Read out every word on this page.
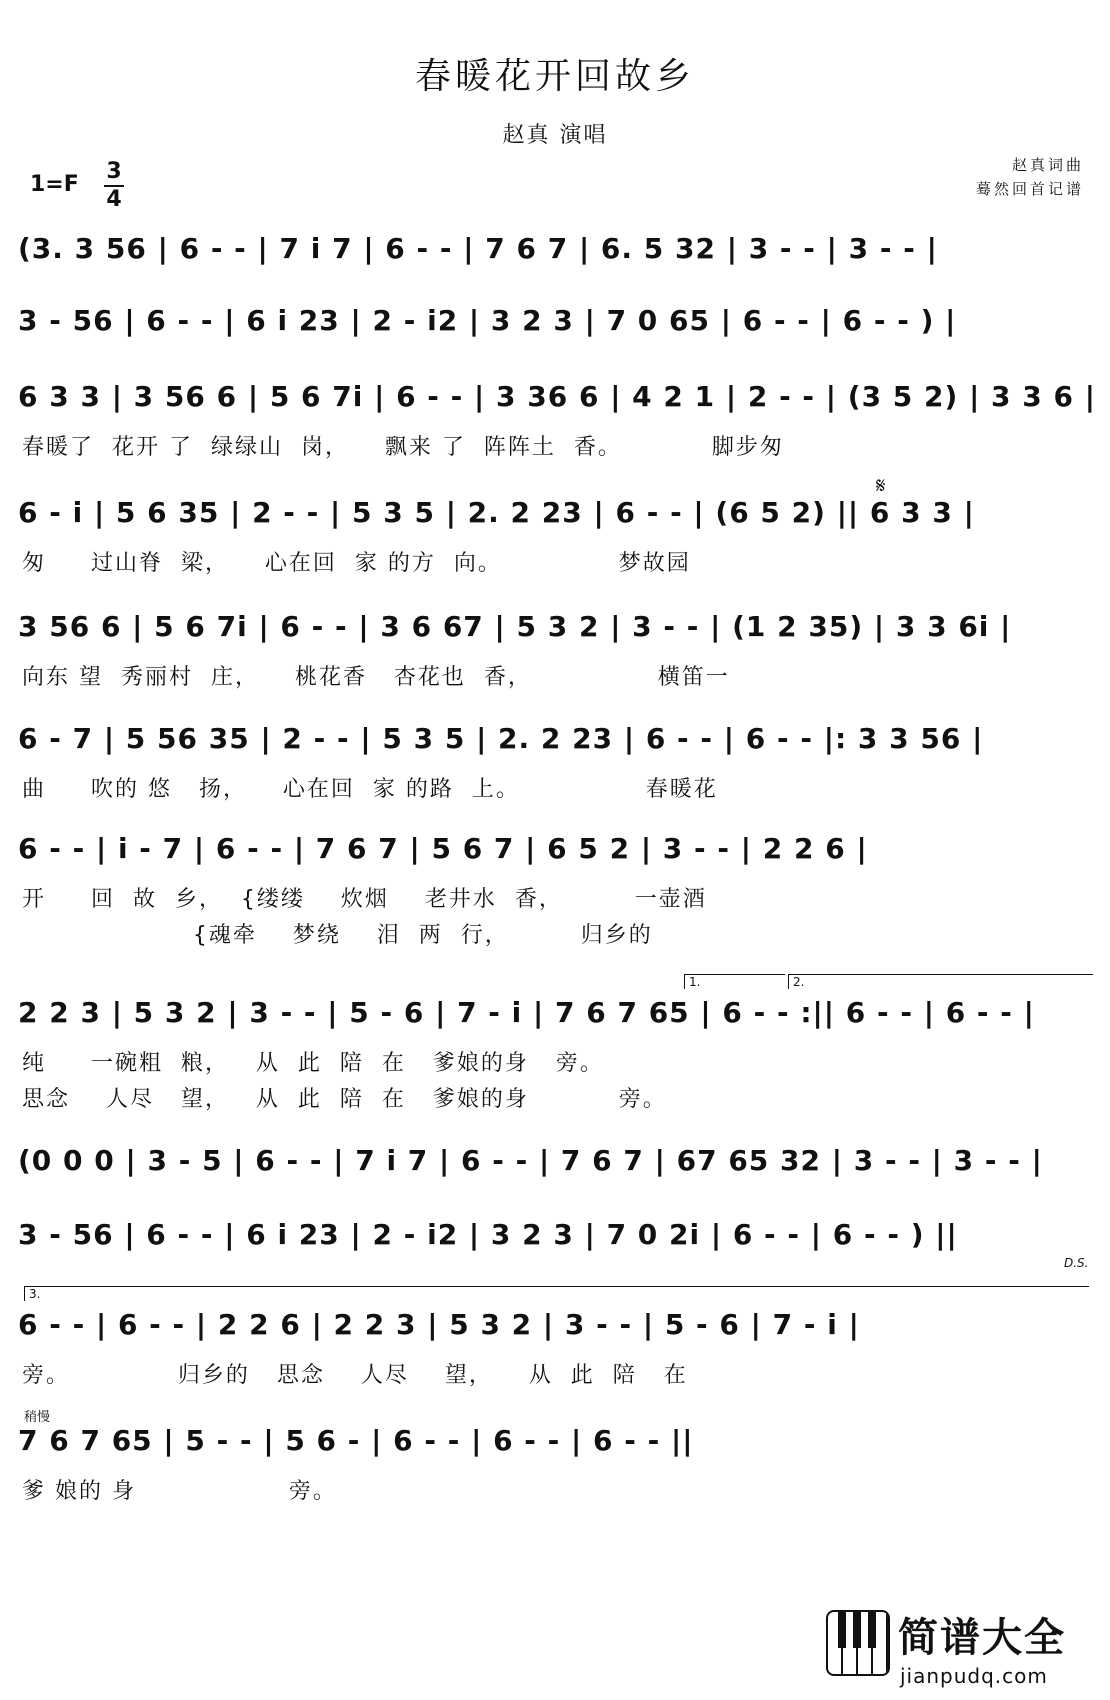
春暖花开回故乡
赵真 演唱
1=F
3
4
赵真词曲
蓦然回首记谱
(3. 3 56 | 6 - - | 7 i 7 | 6 - - | 7 6 7 | 6. 5 32 | 3 - - | 3 - - |
3 - 56 | 6 - - | 6 i 23 | 2 - i2 | 3 2 3 | 7 0 65 | 6 - - | 6 - - ) |
6 3 3 | 3 56 6 | 5 6 7i | 6 - - | 3 36 6 | 4 2 1 | 2 - - | (3 5 2) | 3 3 6 |
春暖了  花开 了  绿绿山  岗，    飘来 了  阵阵土  香。          脚步匆
𝄋
6 - i | 5 6 35 | 2 - - | 5 3 5 | 2. 2 23 | 6 - - | (6 5 2) || 6 3 3 |
匆     过山脊  梁，    心在回  家 的方  向。             梦故园
3 56 6 | 5 6 7i | 6 - - | 3 6 67 | 5 3 2 | 3 - - | (1 2 35) | 3 3 6i |
向东 望  秀丽村  庄，    桃花香   杏花也  香，              横笛一
6 - 7 | 5 56 35 | 2 - - | 5 3 5 | 2. 2 23 | 6 - - | 6 - - |: 3 3 56 |
曲     吹的 悠   扬，    心在回  家 的路  上。              春暖花
6 - - | i - 7 | 6 - - | 7 6 7 | 5 6 7 | 6 5 2 | 3 - - | 2 2 6 |
开     回  故  乡，  {缕缕    炊烟    老井水  香，        一壶酒
{魂牵    梦绕    泪  两  行，        归乡的
1.	2.
2 2 3 | 5 3 2 | 3 - - | 5 - 6 | 7 - i | 7 6 7 65 | 6 - - :|| 6 - - | 6 - - |
纯     一碗粗  粮，   从  此  陪  在   爹娘的身   旁。
思念    人尽   望，   从  此  陪  在   爹娘的身          旁。
(0 0 0 | 3 - 5 | 6 - - | 7 i 7 | 6 - - | 7 6 7 | 67 65 32 | 3 - - | 3 - - |
3 - 56 | 6 - - | 6 i 23 | 2 - i2 | 3 2 3 | 7 0 2i | 6 - - | 6 - - ) ||
D.S.
3.
6 - - | 6 - - | 2 2 6 | 2 2 3 | 5 3 2 | 3 - - | 5 - 6 | 7 - i |
旁。            归乡的   思念    人尽    望，    从  此  陪   在
稍慢
7 6 7 65 | 5 - - | 5 6 - | 6 - - | 6 - - | 6 - - ||
爹 娘的 身                 旁。
简谱大全
jianpudq.com
